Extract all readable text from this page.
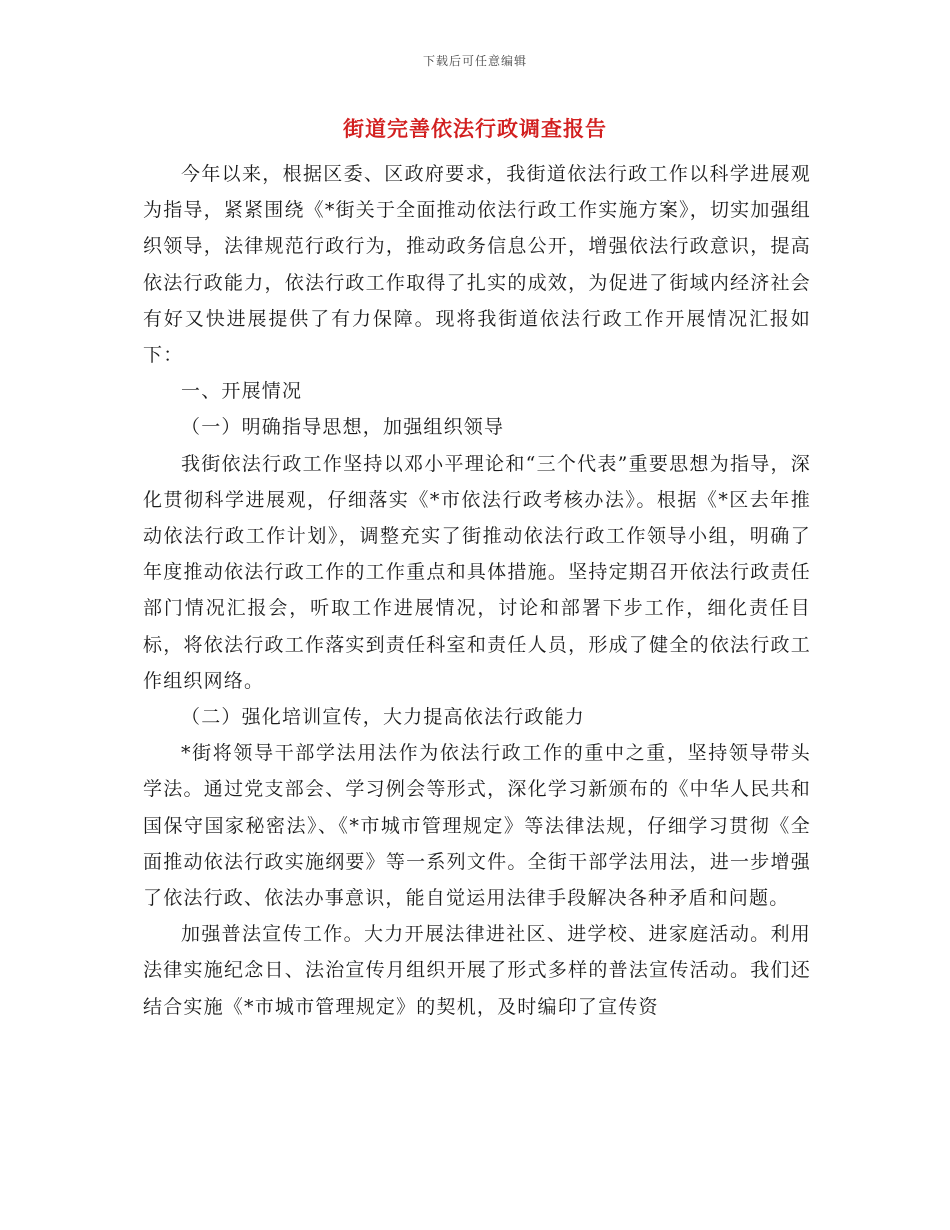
下载后可任意编辑
街道完善依法行政调查报告

今年以来，根据区委、区政府要求，我街道依法行政工作以科学进展观为指导，紧紧围绕《*街关于全面推动依法行政工作实施方案》，切实加强组织领导，法律规范行政行为，推动政务信息公开，增强依法行政意识，提高依法行政能力，依法行政工作取得了扎实的成效，为促进了街域内经济社会有好又快进展提供了有力保障。现将我街道依法行政工作开展情况汇报如下：

一、开展情况

（一）明确指导思想，加强组织领导

我街依法行政工作坚持以邓小平理论和“三个代表”重要思想为指导，深化贯彻科学进展观，仔细落实《*市依法行政考核办法》。根据《*区去年推动依法行政工作计划》，调整充实了街推动依法行政工作领导小组，明确了年度推动依法行政工作的工作重点和具体措施。坚持定期召开依法行政责任部门情况汇报会，听取工作进展情况，讨论和部署下步工作，细化责任目标，将依法行政工作落实到责任科室和责任人员，形成了健全的依法行政工作组织网络。

（二）强化培训宣传，大力提高依法行政能力

*街将领导干部学法用法作为依法行政工作的重中之重，坚持领导带头学法。通过党支部会、学习例会等形式，深化学习新颁布的《中华人民共和国保守国家秘密法》、《*市城市管理规定》等法律法规，仔细学习贯彻《全面推动依法行政实施纲要》等一系列文件。全街干部学法用法，进一步增强了依法行政、依法办事意识，能自觉运用法律手段解决各种矛盾和问题。

加强普法宣传工作。大力开展法律进社区、进学校、进家庭活动。利用法律实施纪念日、法治宣传月组织开展了形式多样的普法宣传活动。我们还结合实施《*市城市管理规定》的契机，及时编印了宣传资
